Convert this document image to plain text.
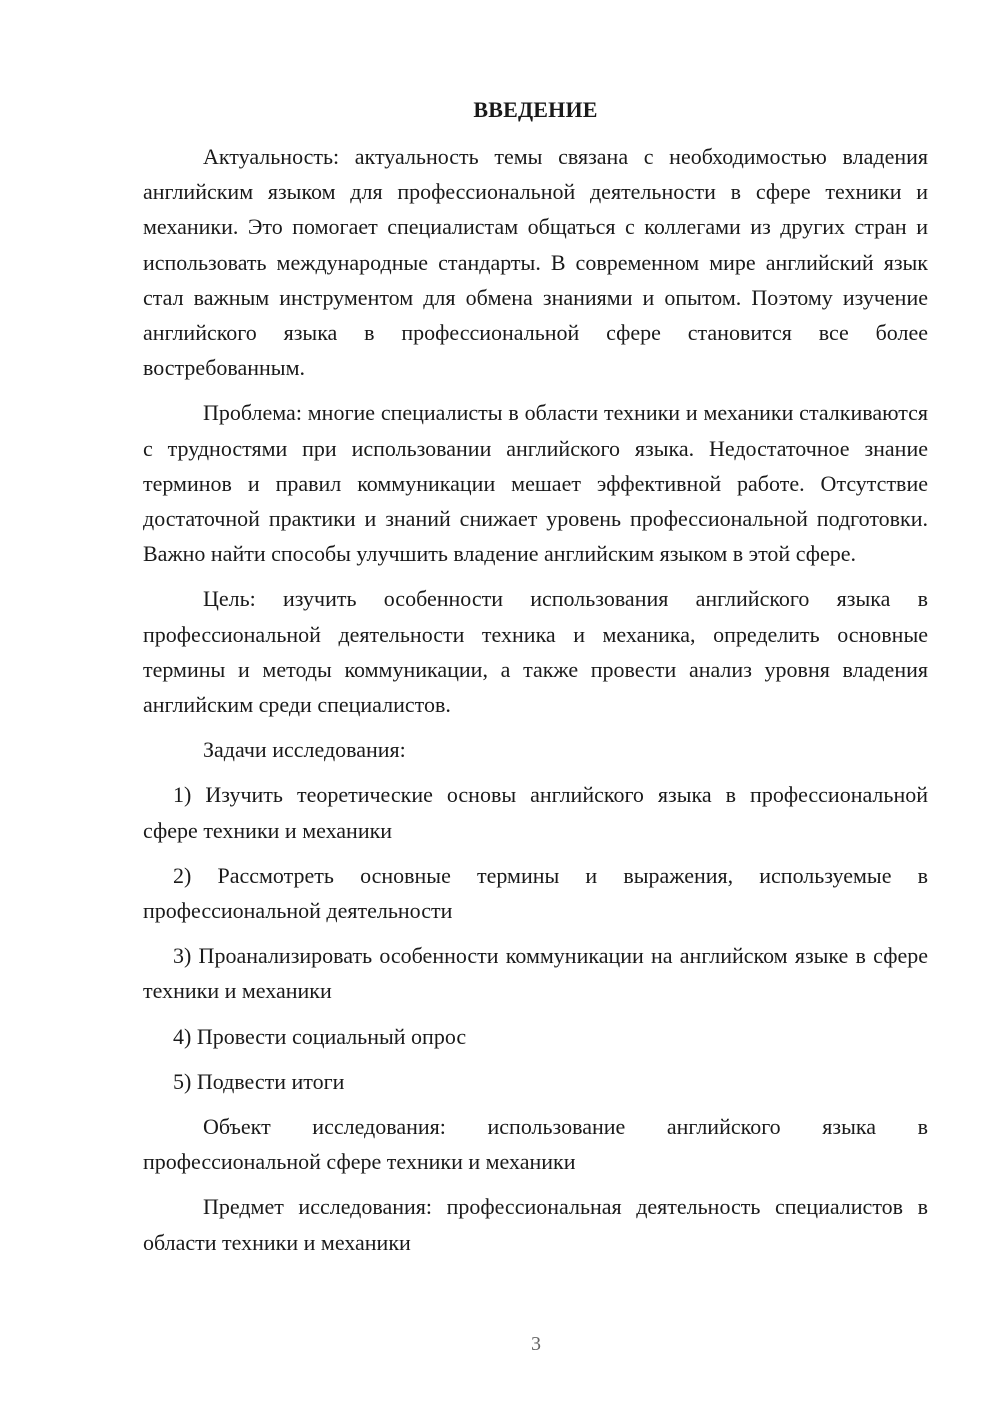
ВВЕДЕНИЕ

Актуальность: актуальность темы связана с необходимостью владения английским языком для профессиональной деятельности в сфере техники и механики. Это помогает специалистам общаться с коллегами из других стран и использовать международные стандарты. В современном мире английский язык стал важным инструментом для обмена знаниями и опытом. Поэтому изучение английского языка в профессиональной сфере становится все более востребованным.

Проблема: многие специалисты в области техники и механики сталкиваются с трудностями при использовании английского языка. Недостаточное знание терминов и правил коммуникации мешает эффективной работе. Отсутствие достаточной практики и знаний снижает уровень профессиональной подготовки. Важно найти способы улучшить владение английским языком в этой сфере.

Цель: изучить особенности использования английского языка в профессиональной деятельности техника и механика, определить основные термины и методы коммуникации, а также провести анализ уровня владения английским среди специалистов.

Задачи исследования:

1) Изучить теоретические основы английского языка в профессиональной сфере техники и механики

2) Рассмотреть основные термины и выражения, используемые в профессиональной деятельности

3) Проанализировать особенности коммуникации на английском языке в сфере техники и механики

4) Провести социальный опрос

5) Подвести итоги

Объект исследования: использование английского языка в профессиональной сфере техники и механики

Предмет исследования: профессиональная деятельность специалистов в области техники и механики

3
